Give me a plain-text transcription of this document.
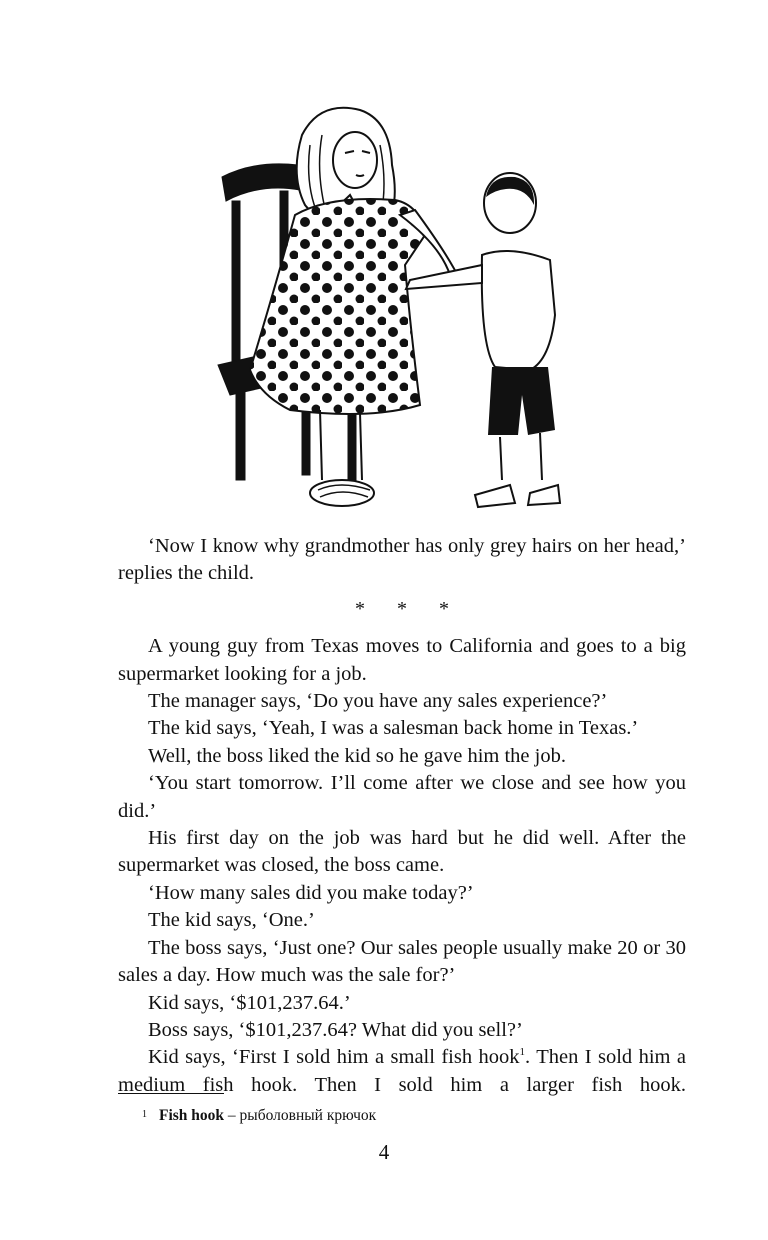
‘Now I know why grandmother has only grey hairs on her head,’ replies the child.

* * *

A young guy from Texas moves to California and goes to a big supermarket looking for a job.

The manager says, ‘Do you have any sales experience?’

The kid says, ‘Yeah, I was a salesman back home in Texas.’

Well, the boss liked the kid so he gave him the job.

‘You start tomorrow. I’ll come after we close and see how you did.’

His first day on the job was hard but he did well. After the supermarket was closed, the boss came.

‘How many sales did you make today?’

The kid says, ‘One.’

The boss says, ‘Just one? Our sales people usually make 20 or 30 sales a day. How much was the sale for?’

Kid says, ‘$101,237.64.’

Boss says, ‘$101,237.64? What did you sell?’

Kid says, ‘First I sold him a small fish hook$^1$. Then I sold him a medium fish hook. Then I sold him a larger fish hook.

$^1$ Fish hook – рыболовный крючок
4
